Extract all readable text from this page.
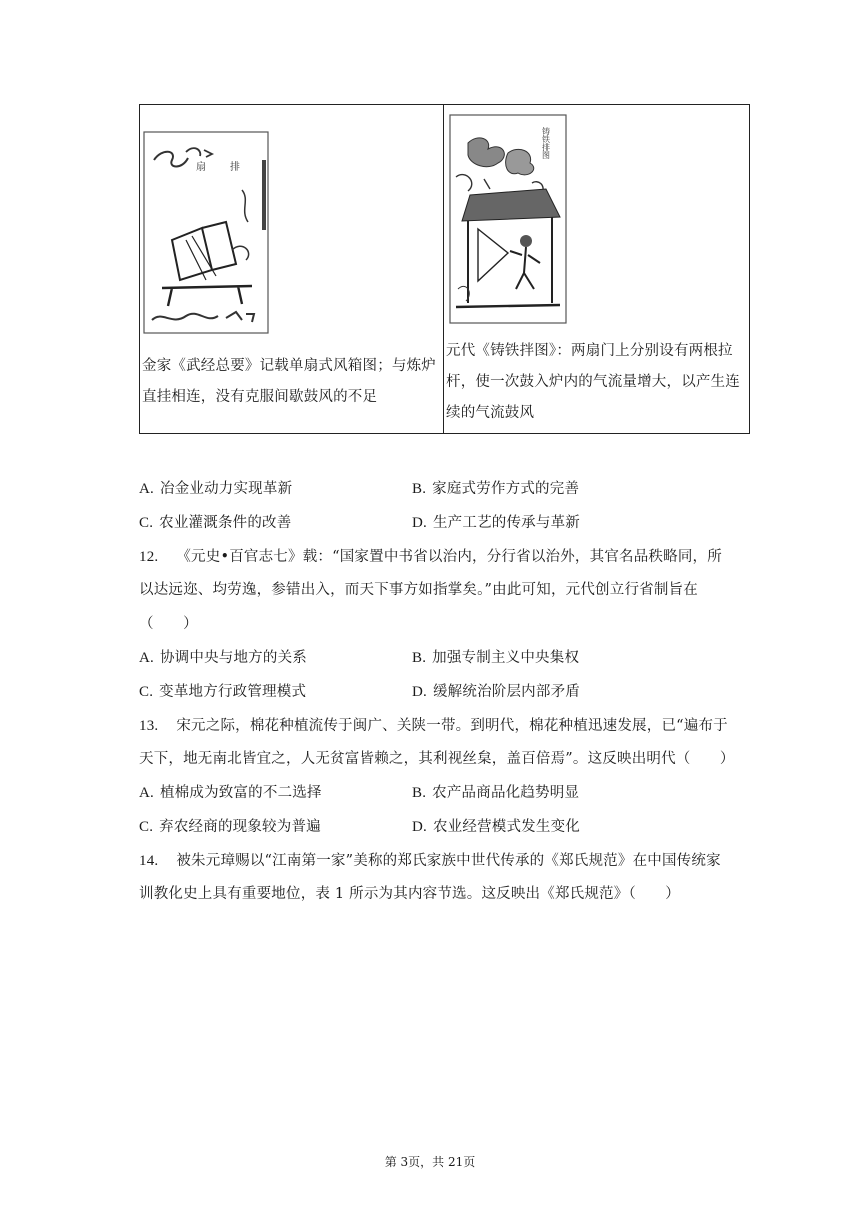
扇 排
金家《武经总要》记载单扇式风箱图；与炼炉直挂相连，没有克服间歇鼓风的不足
铸铁排图
元代《铸铁拌图》：两扇门上分别设有两根拉杆，使一次鼓入炉内的气流量增大，以产生连续的气流鼓风
A. 冶金业动力实现革新	B. 家庭式劳作方式的完善
C. 农业灌溉条件的改善	D. 生产工艺的传承与革新
12. 《元史•百官志七》载：“国家置中书省以治内，分行省以治外，其官名品秩略同，所
以达远迩、均劳逸，参错出入，而天下事方如指掌矣。”由此可知，元代创立行省制旨在
（　　）
A. 协调中央与地方的关系	B. 加强专制主义中央集权
C. 变革地方行政管理模式	D. 缓解统治阶层内部矛盾
13. 宋元之际，棉花种植流传于闽广、关陕一带。到明代，棉花种植迅速发展，已“遍布于
天下，地无南北皆宜之，人无贫富皆赖之，其利视丝枲，盖百倍焉”。这反映出明代（　　）
A. 植棉成为致富的不二选择	B. 农产品商品化趋势明显
C. 弃农经商的现象较为普遍	D. 农业经营模式发生变化
14. 被朱元璋赐以“江南第一家”美称的郑氏家族中世代传承的《郑氏规范》在中国传统家
训教化史上具有重要地位，表 1 所示为其内容节选。这反映出《郑氏规范》（　　）
第 3页，共 21页
